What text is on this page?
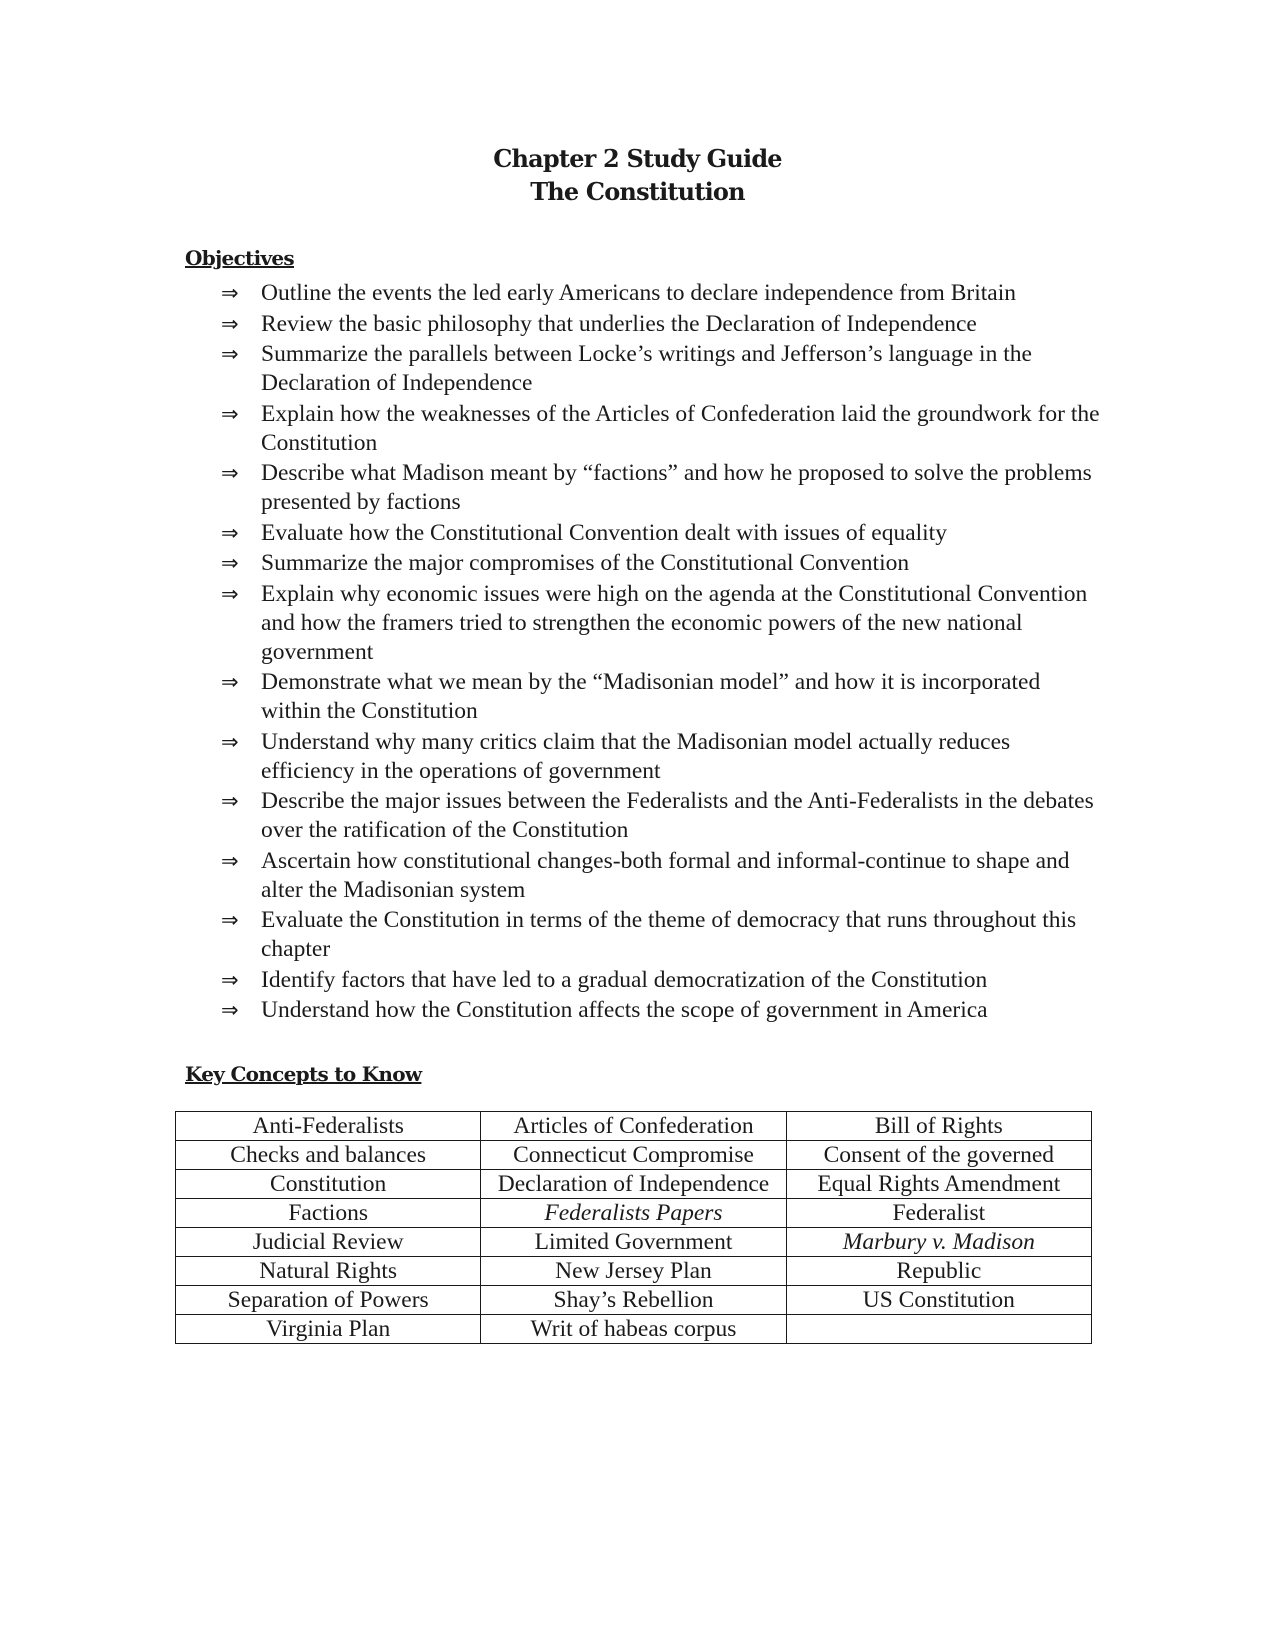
Chapter 2 Study Guide
The Constitution
Objectives
⇒ Outline the events the led early Americans to declare independence from Britain
⇒ Review the basic philosophy that underlies the Declaration of Independence
⇒ Summarize the parallels between Locke’s writings and Jefferson’s language in the Declaration of Independence
⇒ Explain how the weaknesses of the Articles of Confederation laid the groundwork for the Constitution
⇒ Describe what Madison meant by “factions” and how he proposed to solve the problems presented by factions
⇒ Evaluate how the Constitutional Convention dealt with issues of equality
⇒ Summarize the major compromises of the Constitutional Convention
⇒ Explain why economic issues were high on the agenda at the Constitutional Convention and how the framers tried to strengthen the economic powers of the new national government
⇒ Demonstrate what we mean by the “Madisonian model” and how it is incorporated within the Constitution
⇒ Understand why many critics claim that the Madisonian model actually reduces efficiency in the operations of government
⇒ Describe the major issues between the Federalists and the Anti-Federalists in the debates over the ratification of the Constitution
⇒ Ascertain how constitutional changes-both formal and informal-continue to shape and alter the Madisonian system
⇒ Evaluate the Constitution in terms of the theme of democracy that runs throughout this chapter
⇒ Identify factors that have led to a gradual democratization of the Constitution
⇒ Understand how the Constitution affects the scope of government in America
Key Concepts to Know
Anti-Federalists	Articles of Confederation	Bill of Rights
Checks and balances	Connecticut Compromise	Consent of the governed
Constitution	Declaration of Independence	Equal Rights Amendment
Factions	Federalists Papers	Federalist
Judicial Review	Limited Government	Marbury v. Madison
Natural Rights	New Jersey Plan	Republic
Separation of Powers	Shay’s Rebellion	US Constitution
Virginia Plan	Writ of habeas corpus	
